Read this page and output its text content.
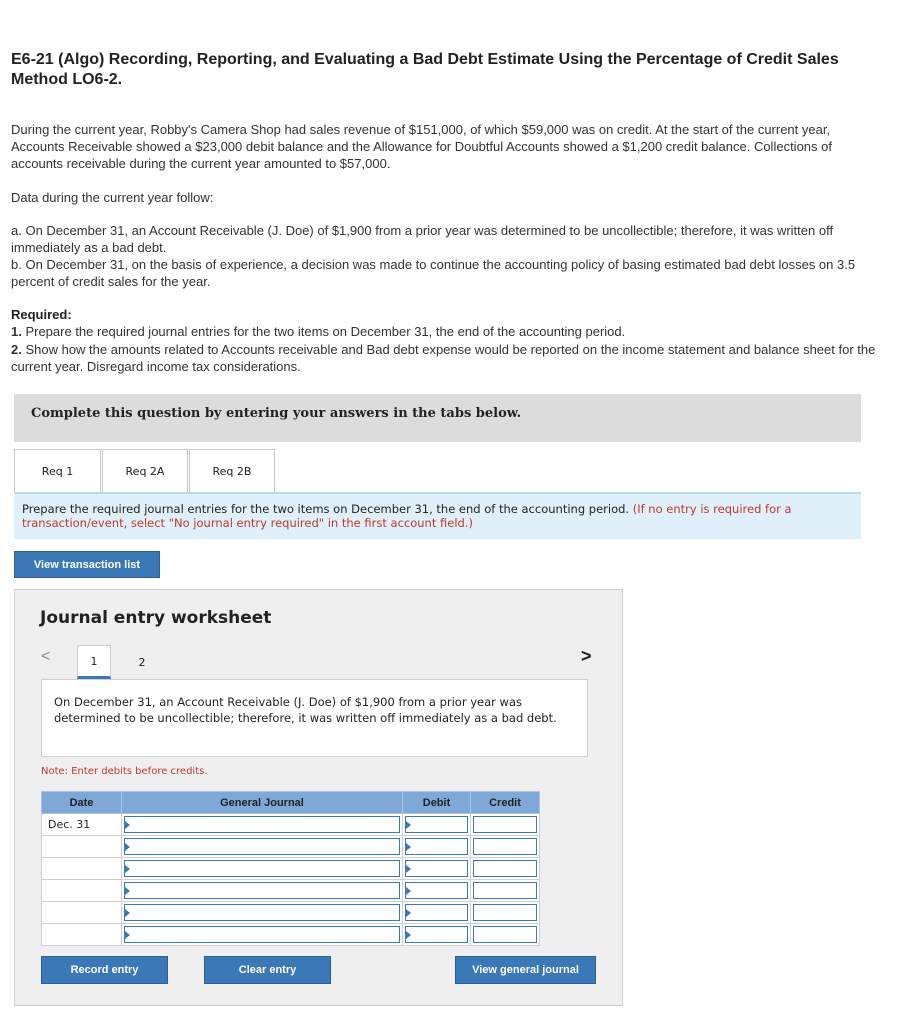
E6-21 (Algo) Recording, Reporting, and Evaluating a Bad Debt Estimate Using the Percentage of Credit Sales Method LO6-2.
During the current year, Robby's Camera Shop had sales revenue of $151,000, of which $59,000 was on credit. At the start of the current year, Accounts Receivable showed a $23,000 debit balance and the Allowance for Doubtful Accounts showed a $1,200 credit balance. Collections of accounts receivable during the current year amounted to $57,000.
Data during the current year follow:
a. On December 31, an Account Receivable (J. Doe) of $1,900 from a prior year was determined to be uncollectible; therefore, it was written off immediately as a bad debt.
b. On December 31, on the basis of experience, a decision was made to continue the accounting policy of basing estimated bad debt losses on 3.5 percent of credit sales for the year.
Required:
1. Prepare the required journal entries for the two items on December 31, the end of the accounting period.
2. Show how the amounts related to Accounts receivable and Bad debt expense would be reported on the income statement and balance sheet for the current year. Disregard income tax considerations.
Complete this question by entering your answers in the tabs below.
Req 1	Req 2A	Req 2B
Prepare the required journal entries for the two items on December 31, the end of the accounting period. (If no entry is required for a transaction/event, select "No journal entry required" in the first account field.)
View transaction list
Journal entry worksheet
<	1	2	>
On December 31, an Account Receivable (J. Doe) of $1,900 from a prior year was determined to be uncollectible; therefore, it was written off immediately as a bad debt.
Note: Enter debits before credits.
Date	General Journal	Debit	Credit
Dec. 31	

Record entry	Clear entry	View general journal
